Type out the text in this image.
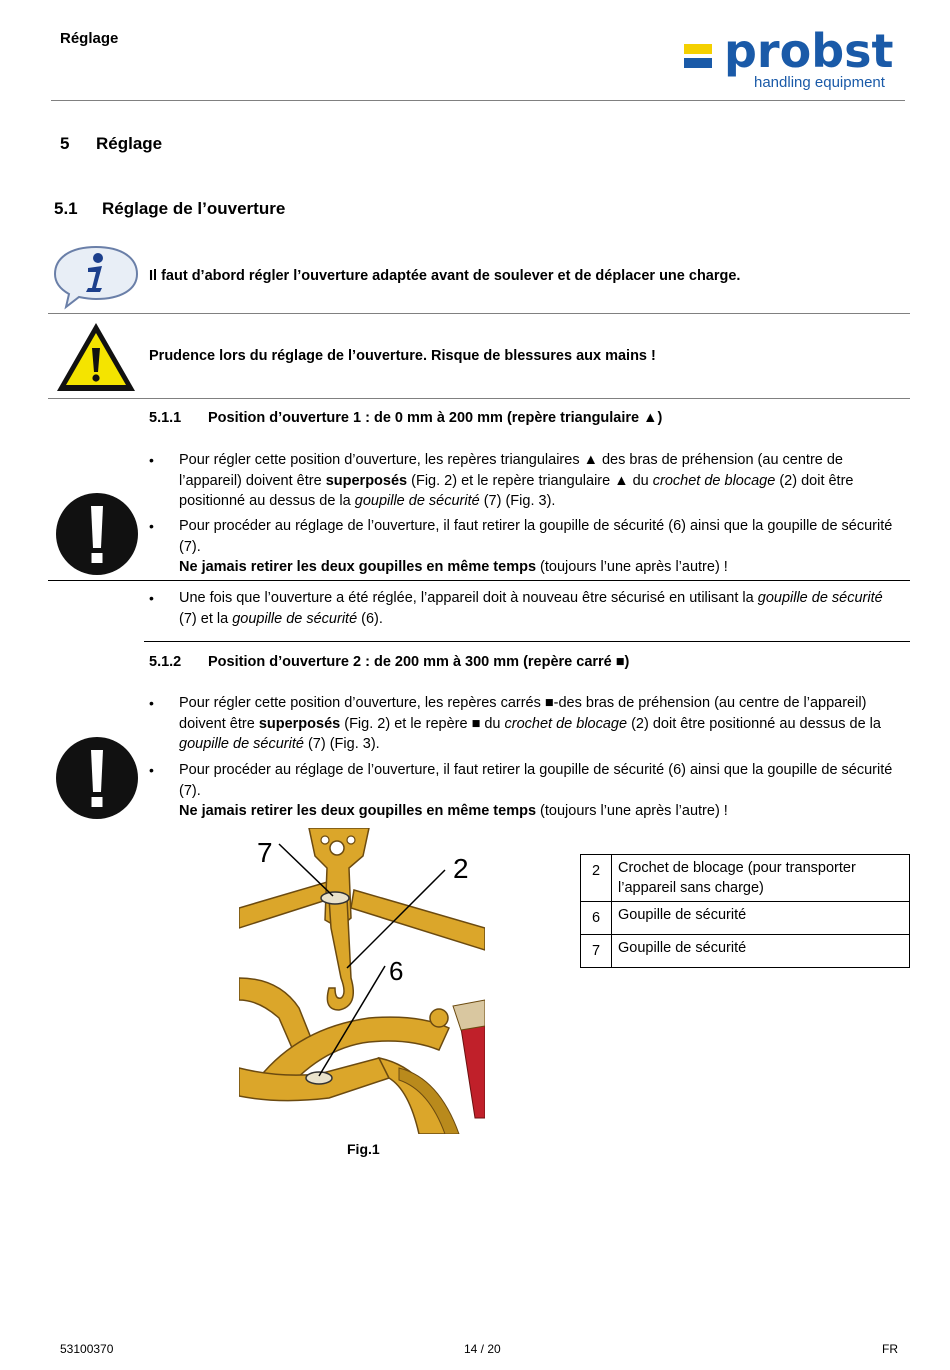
Réglage	probst
handling equipment
5 Réglage
5.1 Réglage de l’ouverture
Il faut d’abord régler l’ouverture adaptée avant de soulever et de déplacer une charge.
Prudence lors du réglage de l’ouverture. Risque de blessures aux mains !
5.1.1 Position d’ouverture 1 : de 0 mm à 200 mm (repère triangulaire ▲)
• Pour régler cette position d’ouverture, les repères triangulaires ▲ des bras de préhension (au centre de l’appareil) doivent être superposés (Fig. 2) et le repère triangulaire ▲ du crochet de blocage (2) doit être positionné au dessus de la goupille de sécurité (7) (Fig. 3).
• Pour procéder au réglage de l’ouverture, il faut retirer la goupille de sécurité (6) ainsi que la goupille de sécurité (7).
Ne jamais retirer les deux goupilles en même temps (toujours l’une après l’autre) !
• Une fois que l’ouverture a été réglée, l’appareil doit à nouveau être sécurisé en utilisant la goupille de sécurité (7) et la goupille de sécurité (6).
5.1.2 Position d’ouverture 2 : de 200 mm à 300 mm (repère carré ■)
• Pour régler cette position d’ouverture, les repères carrés ■-des bras de préhension (au centre de l’appareil) doivent être superposés (Fig. 2) et le repère ■ du crochet de blocage (2) doit être positionné au dessus de la goupille de sécurité (7) (Fig. 3).
• Pour procéder au réglage de l’ouverture, il faut retirer la goupille de sécurité (6) ainsi que la goupille de sécurité (7).
Ne jamais retirer les deux goupilles en même temps (toujours l’une après l’autre) !
7
2
6
Fig.1
2	Crochet de blocage (pour transporter l’appareil sans charge)
6	Goupille de sécurité
7	Goupille de sécurité
53100370	14 / 20	FR
